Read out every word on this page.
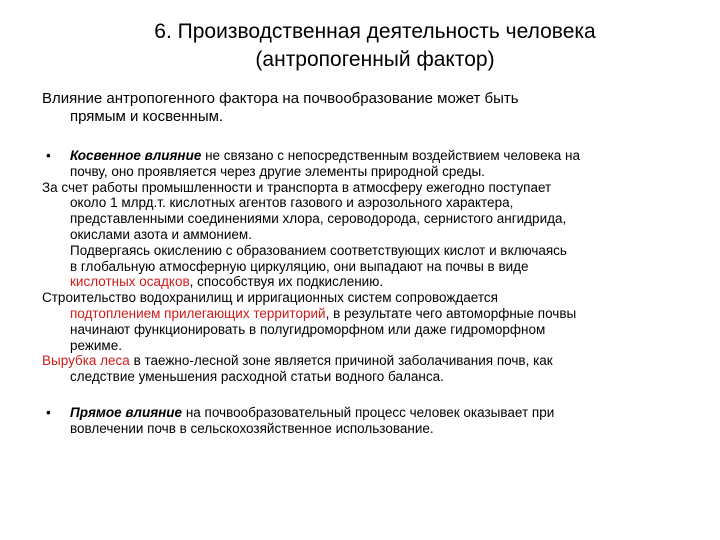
6. Производственная деятельность человека
(антропогенный фактор)
Влияние антропогенного фактора на почвообразование может быть
прямым и косвенным.
• Косвенное влияние не связано с непосредственным воздействием человека на

почву, оно проявляется через другие элементы природной среды.

За счет работы промышленности и транспорта в атмосферу ежегодно поступает

около 1 млрд.т. кислотных агентов газового и аэрозольного характера,

представленными соединениями хлора, сероводорода, сернистого ангидрида,

окислами азота и аммонием.

Подвергаясь окислению с образованием соответствующих кислот и включаясь

в глобальную атмосферную циркуляцию, они выпадают на почвы в виде

кислотных осадков, способствуя их подкислению.

Строительство водохранилищ и ирригационных систем сопровождается

подтоплением прилегающих территорий, в результате чего автоморфные почвы

начинают функционировать в полугидроморфном или даже гидроморфном

режиме.

Вырубка леса в таежно-лесной зоне является причиной заболачивания почв, как

следствие уменьшения расходной статьи водного баланса.

• Прямое влияние на почвообразовательный процесс человек оказывает при

вовлечении почв в сельскохозяйственное использование.
